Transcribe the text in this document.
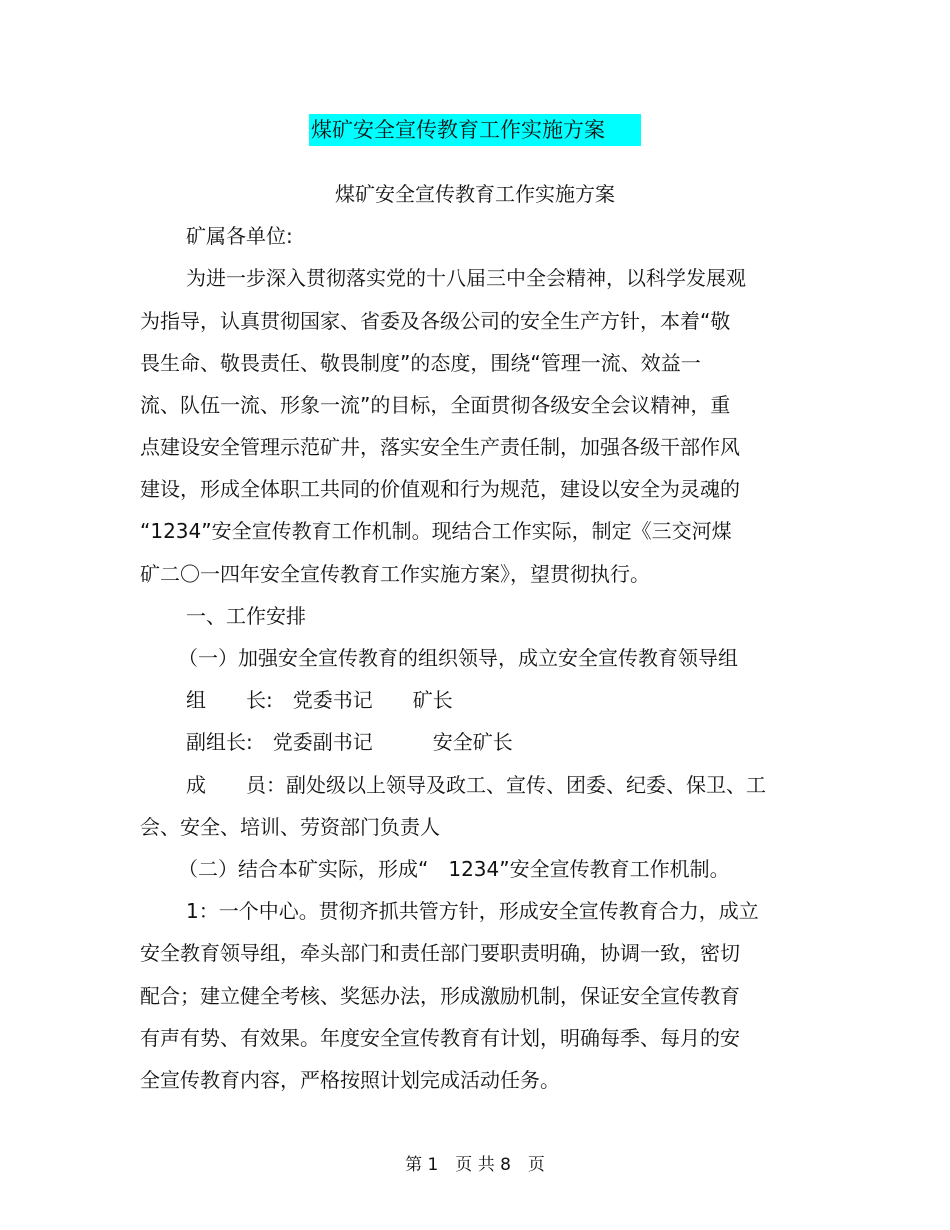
煤矿安全宣传教育工作实施方案
煤矿安全宣传教育工作实施方案
矿属各单位:
为进一步深入贯彻落实党的十八届三中全会精神，以科学发展观
为指导，认真贯彻国家、省委及各级公司的安全生产方针，本着“敬
畏生命、敬畏责任、敬畏制度”的态度，围绕“管理一流、效益一
流、队伍一流、形象一流”的目标，全面贯彻各级安全会议精神，重
点建设安全管理示范矿井，落实安全生产责任制，加强各级干部作风
建设，形成全体职工共同的价值观和行为规范，建设以安全为灵魂的
“1234”安全宣传教育工作机制。现结合工作实际，制定《三交河煤
矿二〇一四年安全宣传教育工作实施方案》，望贯彻执行。
一、工作安排
（一）加强安全宣传教育的组织领导，成立安全宣传教育领导组
组　　长:　党委书记　　矿长
副组长:　党委副书记　　　安全矿长
成　　员：副处级以上领导及政工、宣传、团委、纪委、保卫、工
会、安全、培训、劳资部门负责人
（二）结合本矿实际，形成“　1234”安全宣传教育工作机制。
1：一个中心。贯彻齐抓共管方针，形成安全宣传教育合力，成立
安全教育领导组，牵头部门和责任部门要职责明确，协调一致，密切
配合；建立健全考核、奖惩办法，形成激励机制，保证安全宣传教育
有声有势、有效果。年度安全宣传教育有计划，明确每季、每月的安
全宣传教育内容，严格按照计划完成活动任务。
第 1　页 共 8　页
